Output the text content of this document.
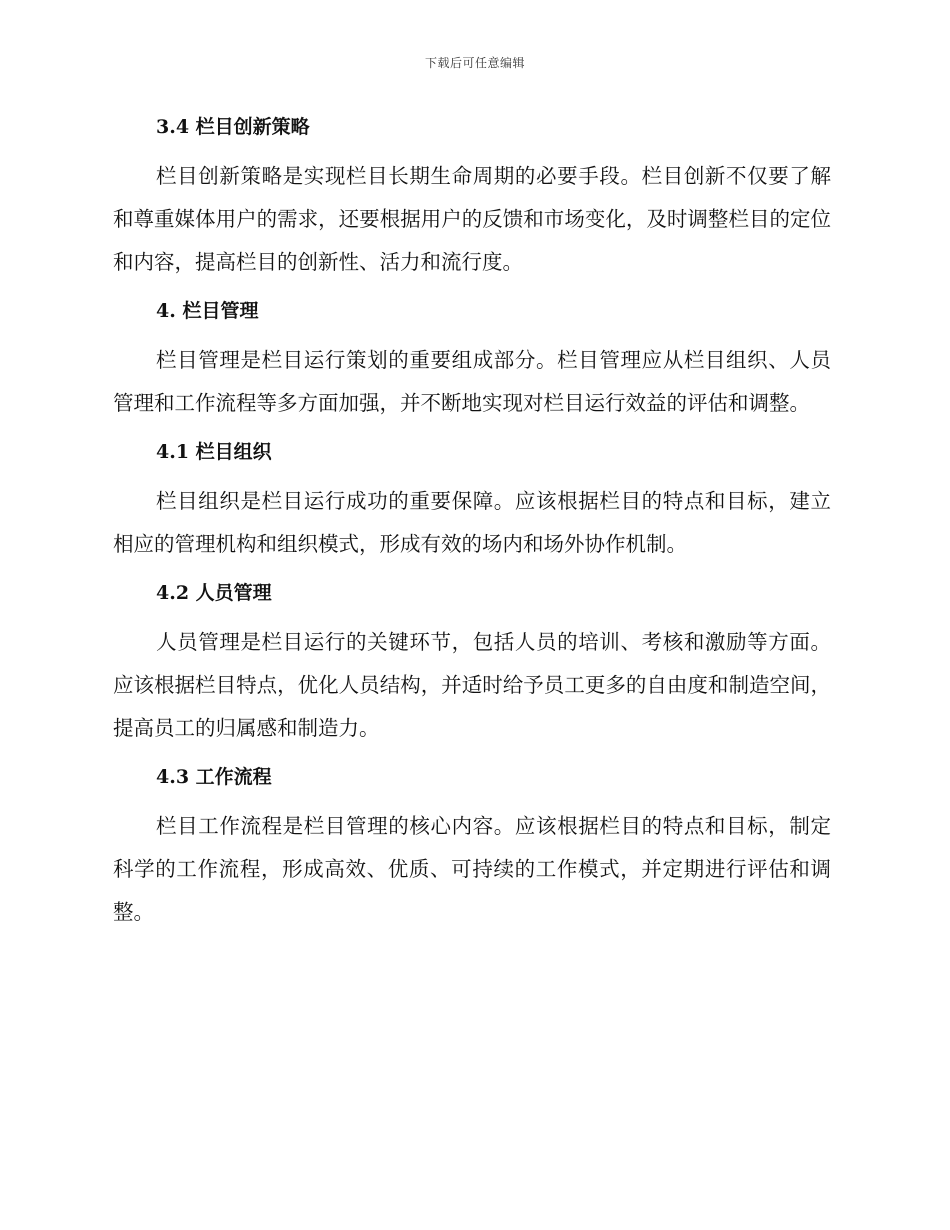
下载后可任意编辑
3.4 栏目创新策略

栏目创新策略是实现栏目长期生命周期的必要手段。栏目创新不仅要了解和尊重媒体用户的需求，还要根据用户的反馈和市场变化，及时调整栏目的定位和内容，提高栏目的创新性、活力和流行度。

4. 栏目管理

栏目管理是栏目运行策划的重要组成部分。栏目管理应从栏目组织、人员管理和工作流程等多方面加强，并不断地实现对栏目运行效益的评估和调整。

4.1 栏目组织

栏目组织是栏目运行成功的重要保障。应该根据栏目的特点和目标，建立相应的管理机构和组织模式，形成有效的场内和场外协作机制。

4.2 人员管理

人员管理是栏目运行的关键环节，包括人员的培训、考核和激励等方面。应该根据栏目特点，优化人员结构，并适时给予员工更多的自由度和制造空间，提高员工的归属感和制造力。

4.3 工作流程

栏目工作流程是栏目管理的核心内容。应该根据栏目的特点和目标，制定科学的工作流程，形成高效、优质、可持续的工作模式，并定期进行评估和调整。
